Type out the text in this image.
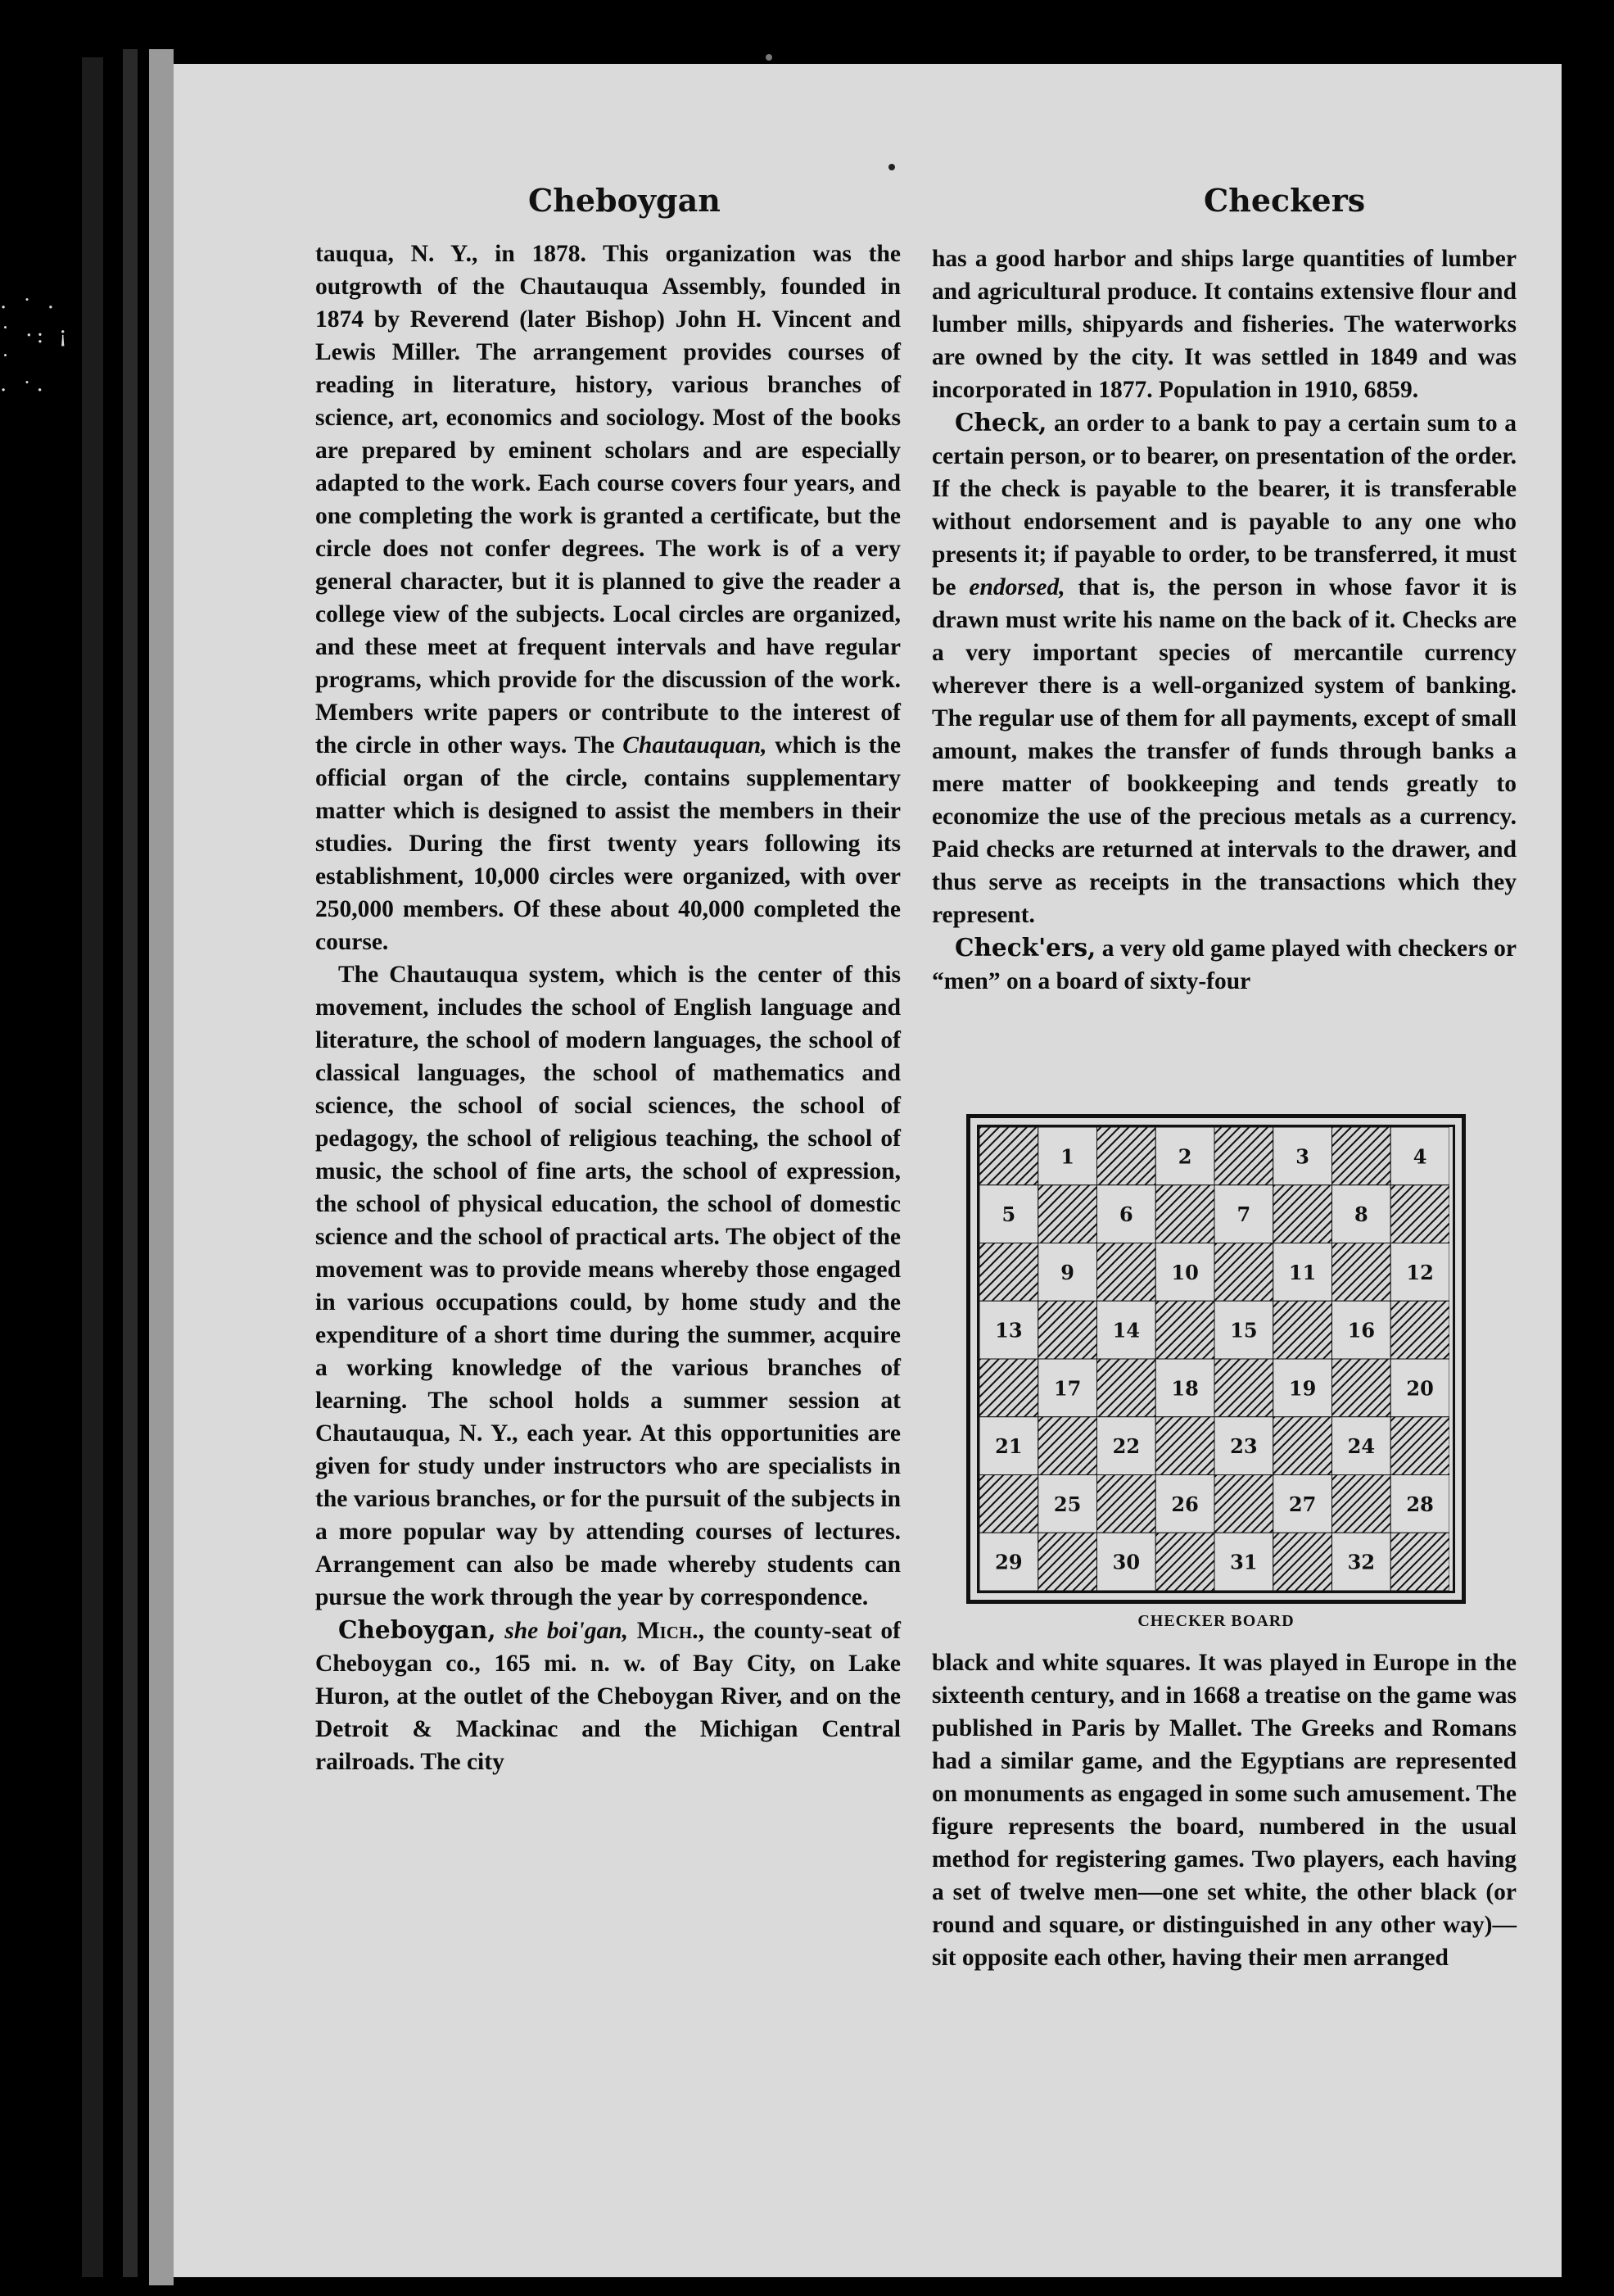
· ˙ ·
˙ ·: ¡ ˙
· ˙·
Cheboygan	Checkers

tauqua, N. Y., in 1878. This organization was the outgrowth of the Chautauqua Assembly, founded in 1874 by Reverend (later Bishop) John H. Vincent and Lewis Miller. The arrangement provides courses of reading in literature, history, various branches of science, art, economics and sociology. Most of the books are prepared by eminent scholars and are especially adapted to the work. Each course covers four years, and one completing the work is granted a certificate, but the circle does not confer degrees. The work is of a very general character, but it is planned to give the reader a college view of the subjects. Local circles are organized, and these meet at frequent intervals and have regular programs, which provide for the discussion of the work. Members write papers or contribute to the interest of the circle in other ways. The Chautauquan, which is the official organ of the circle, contains supplementary matter which is designed to assist the members in their studies. During the first twenty years following its establishment, 10,000 circles were organized, with over 250,000 members. Of these about 40,000 completed the course.

The Chautauqua system, which is the center of this movement, includes the school of English language and literature, the school of modern languages, the school of classical languages, the school of mathematics and science, the school of social sciences, the school of pedagogy, the school of religious teaching, the school of music, the school of fine arts, the school of expression, the school of physical education, the school of domestic science and the school of practical arts. The object of the movement was to provide means whereby those engaged in various occupations could, by home study and the expenditure of a short time during the summer, acquire a working knowledge of the various branches of learning. The school holds a summer session at Chautauqua, N. Y., each year. At this opportunities are given for study under instructors who are specialists in the various branches, or for the pursuit of the subjects in a more popular way by attending courses of lectures. Arrangement can also be made whereby students can pursue the work through the year by correspondence.

Cheboygan, she boi'gan, Mich., the county-seat of Cheboygan co., 165 mi. n. w. of Bay City, on Lake Huron, at the outlet of the Cheboygan River, and on the Detroit & Mackinac and the Michigan Central railroads. The city

has a good harbor and ships large quantities of lumber and agricultural produce. It contains extensive flour and lumber mills, shipyards and fisheries. The waterworks are owned by the city. It was settled in 1849 and was incorporated in 1877. Population in 1910, 6859.

Check, an order to a bank to pay a certain sum to a certain person, or to bearer, on presentation of the order. If the check is payable to the bearer, it is transferable without endorsement and is payable to any one who presents it; if payable to order, to be transferred, it must be endorsed, that is, the person in whose favor it is drawn must write his name on the back of it. Checks are a very important species of mercantile currency wherever there is a well-organized system of banking. The regular use of them for all payments, except of small amount, makes the transfer of funds through banks a mere matter of bookkeeping and tends greatly to economize the use of the precious metals as a currency. Paid checks are returned at intervals to the drawer, and thus serve as receipts in the transactions which they represent.

Check'ers, a very old game played with checkers or “men” on a board of sixty-four

1	2	3	4
5	6	7	8
9	10	11	12
13	14	15	16
17	18	19	20
21	22	23	24
25	26	27	28
29	30	31	32
CHECKER BOARD

black and white squares. It was played in Europe in the sixteenth century, and in 1668 a treatise on the game was published in Paris by Mallet. The Greeks and Romans had a similar game, and the Egyptians are represented on monuments as engaged in some such amusement. The figure represents the board, numbered in the usual method for registering games. Two players, each having a set of twelve men—one set white, the other black (or round and square, or distinguished in any other way)—sit opposite each other, having their men arranged
